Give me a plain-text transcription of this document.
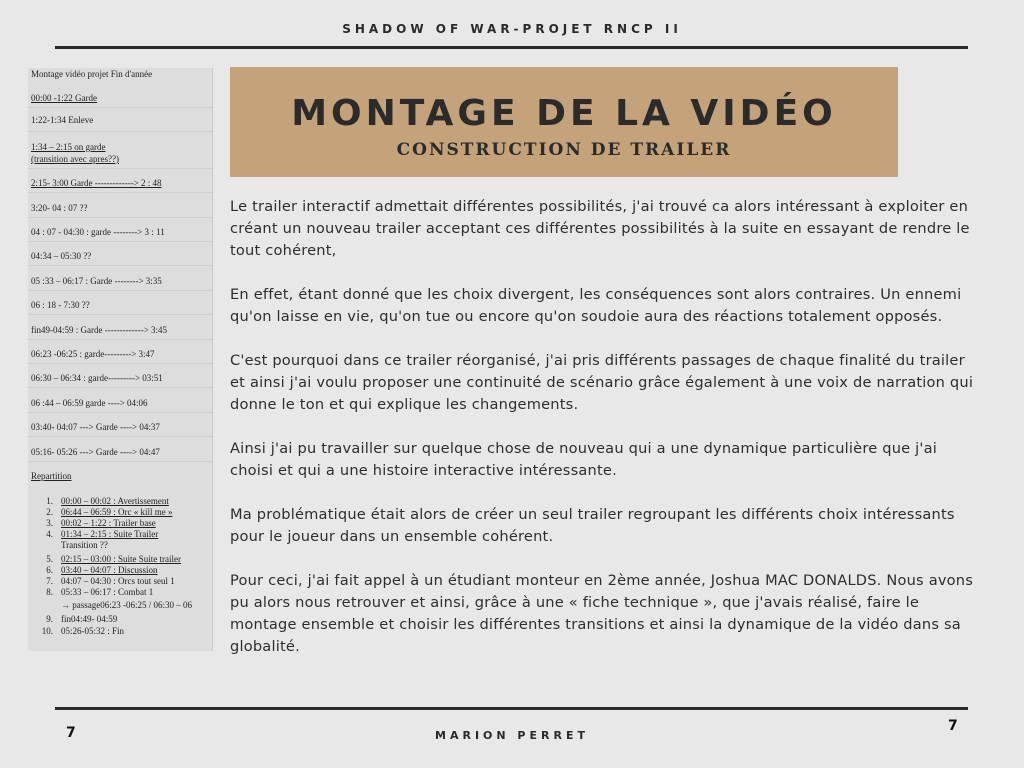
SHADOW OF WAR-PROJET RNCP II
Montage vidéo projet Fin d'année
00:00 -1:22 Garde
1:22-1:34 Enleve
1:34 – 2:15 on garde
(transition avec apres??)
2:15- 3:00 Garde -------------> 2 : 48
3:20- 04 : 07 ??
04 : 07 - 04:30 : garde --------> 3 : 11
04:34 – 05:30 ??
05 :33 – 06:17 : Garde --------> 3:35
06 : 18 - 7:30 ??
fin49-04:59 : Garde -------------> 3:45
06:23 -06:25 : garde---------> 3:47
06:30 – 06:34 : garde---------> 03:51
06 :44 – 06:59 garde ----> 04:06
03:40- 04:07 ---> Garde ----> 04:37
05:16- 05:26 ---> Garde ----> 04:47
Repartition
1. 00:00 – 00:02 : Avertissement
2. 06:44 – 06:59 : Orc « kill me »
3. 00:02 – 1:22 : Trailer base
4. 01:34 – 2:15 : Suite Trailer
Transition ??
5. 02:15 – 03:00 : Suite Suite trailer
6. 03:40 – 04:07 : Discussion
7. 04:07 – 04:30 : Orcs tout seul 1
8. 05:33 – 06:17 : Combat 1
→ passage06:23 -06:25 / 06:30 – 06
9. fin04:49- 04:59
10. 05:26-05:32 : Fin
MONTAGE DE LA VIDÉO
CONSTRUCTION DE TRAILER

Le trailer interactif admettait différentes possibilités, j'ai trouvé ca alors intéressant à exploiter en créant un nouveau trailer acceptant ces différentes possibilités à la suite en essayant de rendre le tout cohérent,

En effet, étant donné que les choix divergent, les conséquences sont alors contraires. Un ennemi qu'on laisse en vie, qu'on tue ou encore qu'on soudoie aura des réactions totalement opposés.

C'est pourquoi dans ce trailer réorganisé, j'ai pris différents passages de chaque finalité du trailer et ainsi j'ai voulu proposer une continuité de scénario grâce également à une voix de narration qui donne le ton et qui explique les changements.

Ainsi j'ai pu travailler sur quelque chose de nouveau qui a une dynamique particulière que j'ai choisi et qui a une histoire interactive intéressante.

Ma problématique était alors de créer un seul trailer regroupant les différents choix intéressants pour le joueur dans un ensemble cohérent.

Pour ceci, j'ai fait appel à un étudiant monteur en 2ème année, Joshua MAC DONALDS. Nous avons pu alors nous retrouver et ainsi, grâce à une « fiche technique », que j'avais réalisé, faire le montage ensemble et choisir les différentes transitions et ainsi la dynamique de la vidéo dans sa globalité.

7	MARION PERRET
7
